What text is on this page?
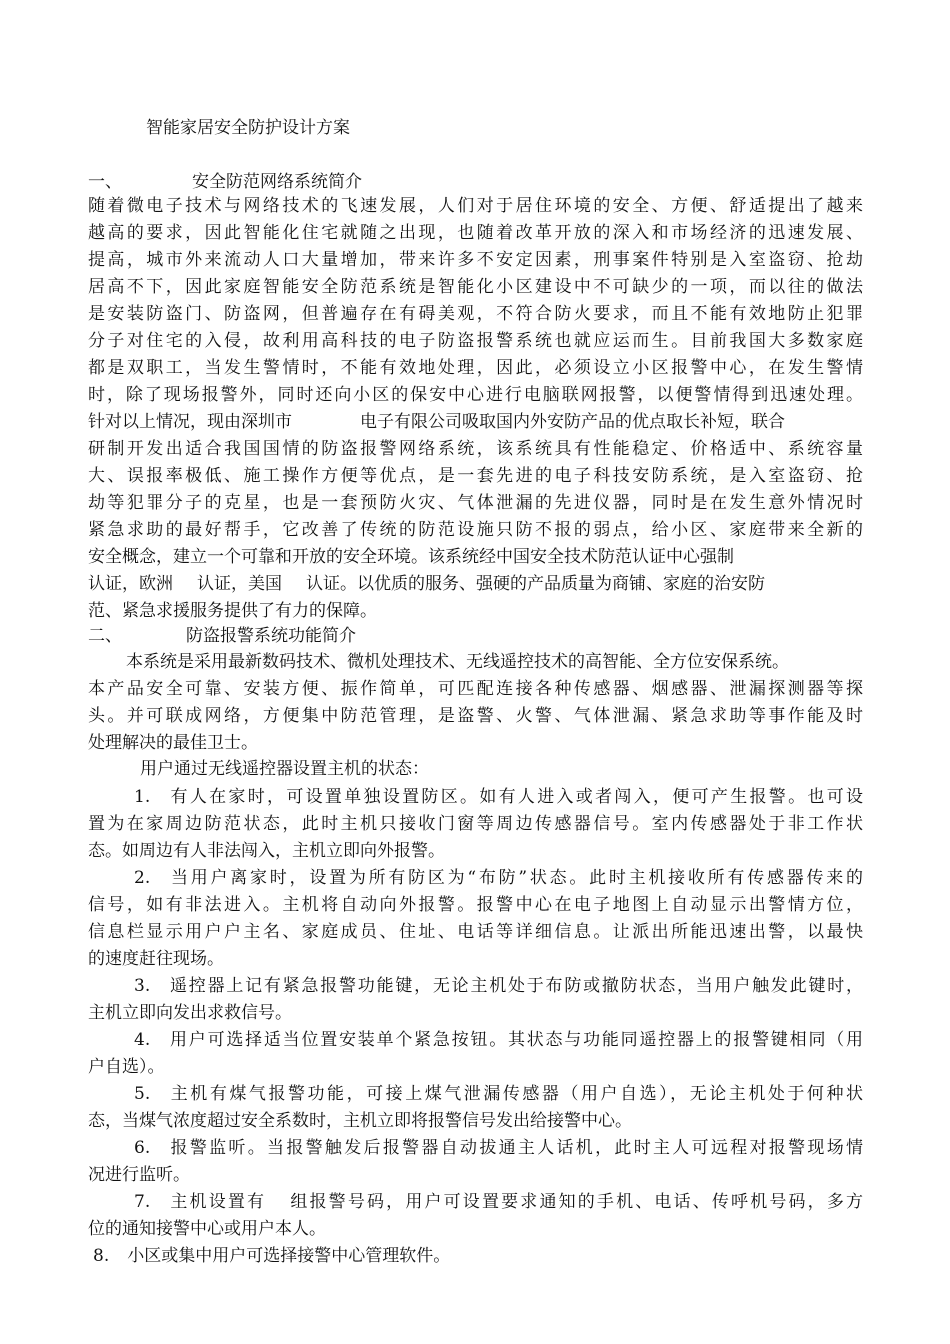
智能家居安全防护设计方案
一、	安全防范网络系统简介
随着微电子技术与网络技术的飞速发展，人们对于居住环境的安全、方便、舒适提出了越来
越高的要求，因此智能化住宅就随之出现，也随着改革开放的深入和市场经济的迅速发展、
提高，城市外来流动人口大量增加，带来许多不安定因素，刑事案件特别是入室盗窃、抢劫
居高不下，因此家庭智能安全防范系统是智能化小区建设中不可缺少的一项，而以往的做法
是安装防盗门、防盗网，但普遍存在有碍美观，不符合防火要求，而且不能有效地防止犯罪
分子对住宅的入侵，故利用高科技的电子防盗报警系统也就应运而生。目前我国大多数家庭
都是双职工，当发生警情时，不能有效地处理，因此，必须设立小区报警中心，在发生警情
时，除了现场报警外，同时还向小区的保安中心进行电脑联网报警，以便警情得到迅速处理。
针对以上情况，现由深圳市	电子有限公司吸取国内外安防产品的优点取长补短，联合
研制开发出适合我国国情的防盗报警网络系统，该系统具有性能稳定、价格适中、系统容量
大、误报率极低、施工操作方便等优点，是一套先进的电子科技安防系统，是入室盗窃、抢
劫等犯罪分子的克星，也是一套预防火灾、气体泄漏的先进仪器，同时是在发生意外情况时
紧急求助的最好帮手，它改善了传统的防范设施只防不报的弱点，给小区、家庭带来全新的
安全概念，建立一个可靠和开放的安全环境。该系统经中国安全技术防范认证中心强制
认证，欧洲 认证，美国 认证。以优质的服务、强硬的产品质量为商铺、家庭的治安防
范、紧急求援服务提供了有力的保障。
二、	防盗报警系统功能简介
本系统是采用最新数码技术、微机处理技术、无线遥控技术的高智能、全方位安保系统。
本产品安全可靠、安装方便、振作简单，可匹配连接各种传感器、烟感器、泄漏探测器等探
头。并可联成网络，方便集中防范管理，是盗警、火警、气体泄漏、紧急求助等事作能及时
处理解决的最佳卫士。
用户通过无线遥控器设置主机的状态：
1. 有人在家时，可设置单独设置防区。如有人进入或者闯入，便可产生报警。也可设
置为在家周边防范状态，此时主机只接收门窗等周边传感器信号。室内传感器处于非工作状
态。如周边有人非法闯入，主机立即向外报警。
2. 当用户离家时，设置为所有防区为“布防”状态。此时主机接收所有传感器传来的
信号，如有非法进入。主机将自动向外报警。报警中心在电子地图上自动显示出警情方位，
信息栏显示用户户主名、家庭成员、住址、电话等详细信息。让派出所能迅速出警，以最快
的速度赶往现场。
3. 遥控器上记有紧急报警功能键，无论主机处于布防或撤防状态，当用户触发此键时，
主机立即向发出求救信号。
4. 用户可选择适当位置安装单个紧急按钮。其状态与功能同遥控器上的报警键相同（用
户自选）。
5. 主机有煤气报警功能，可接上煤气泄漏传感器（用户自选），无论主机处于何种状
态，当煤气浓度超过安全系数时，主机立即将报警信号发出给接警中心。
6. 报警监听。当报警触发后报警器自动拔通主人话机，此时主人可远程对报警现场情
况进行监听。
7. 主机设置有 组报警号码，用户可设置要求通知的手机、电话、传呼机号码，多方
位的通知接警中心或用户本人。
8. 小区或集中用户可选择接警中心管理软件。
